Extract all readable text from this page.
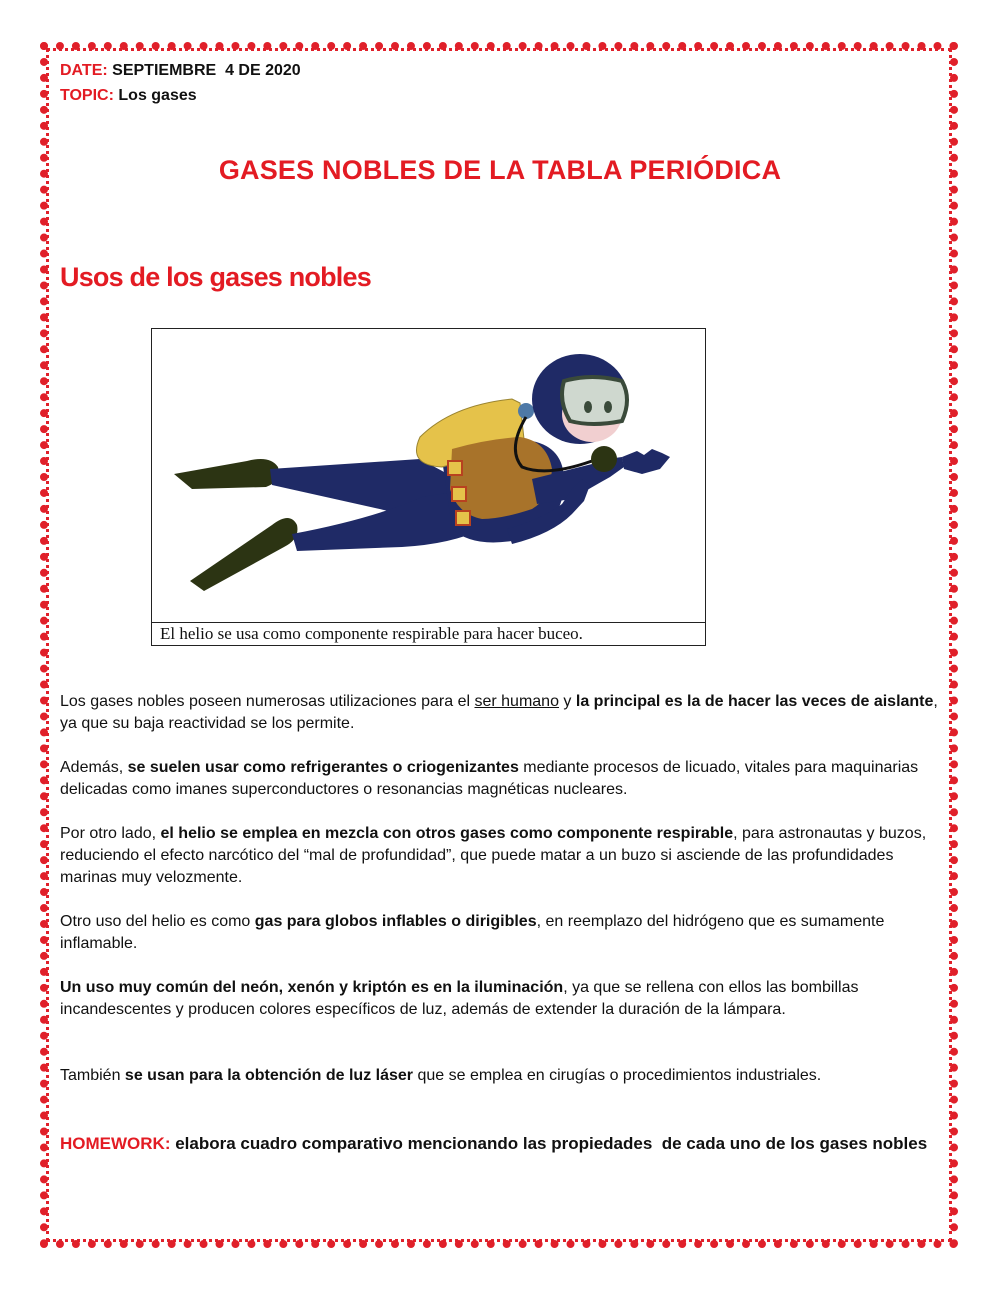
DATE: SEPTIEMBRE  4 DE 2020
TOPIC: Los gases
GASES NOBLES DE LA TABLA PERIÓDICA
Usos de los gases nobles
El helio se usa como componente respirable para hacer buceo.
Los gases nobles poseen numerosas utilizaciones para el ser humano y la principal es la de hacer las veces de aislante, ya que su baja reactividad se los permite.
Además, se suelen usar como refrigerantes o criogenizantes mediante procesos de licuado, vitales para maquinarias delicadas como imanes superconductores o resonancias magnéticas nucleares.
Por otro lado, el helio se emplea en mezcla con otros gases como componente respirable, para astronautas y buzos, reduciendo el efecto narcótico del “mal de profundidad”, que puede matar a un buzo si asciende de las profundidades marinas muy velozmente.
Otro uso del helio es como gas para globos inflables o dirigibles, en reemplazo del hidrógeno que es sumamente inflamable.
Un uso muy común del neón, xenón y kriptón es en la iluminación, ya que se rellena con ellos las bombillas incandescentes y producen colores específicos de luz, además de extender la duración de la lámpara.
También se usan para la obtención de luz láser que se emplea en cirugías o procedimientos industriales.
HOMEWORK: elabora cuadro comparativo mencionando las propiedades  de cada uno de los gases nobles
